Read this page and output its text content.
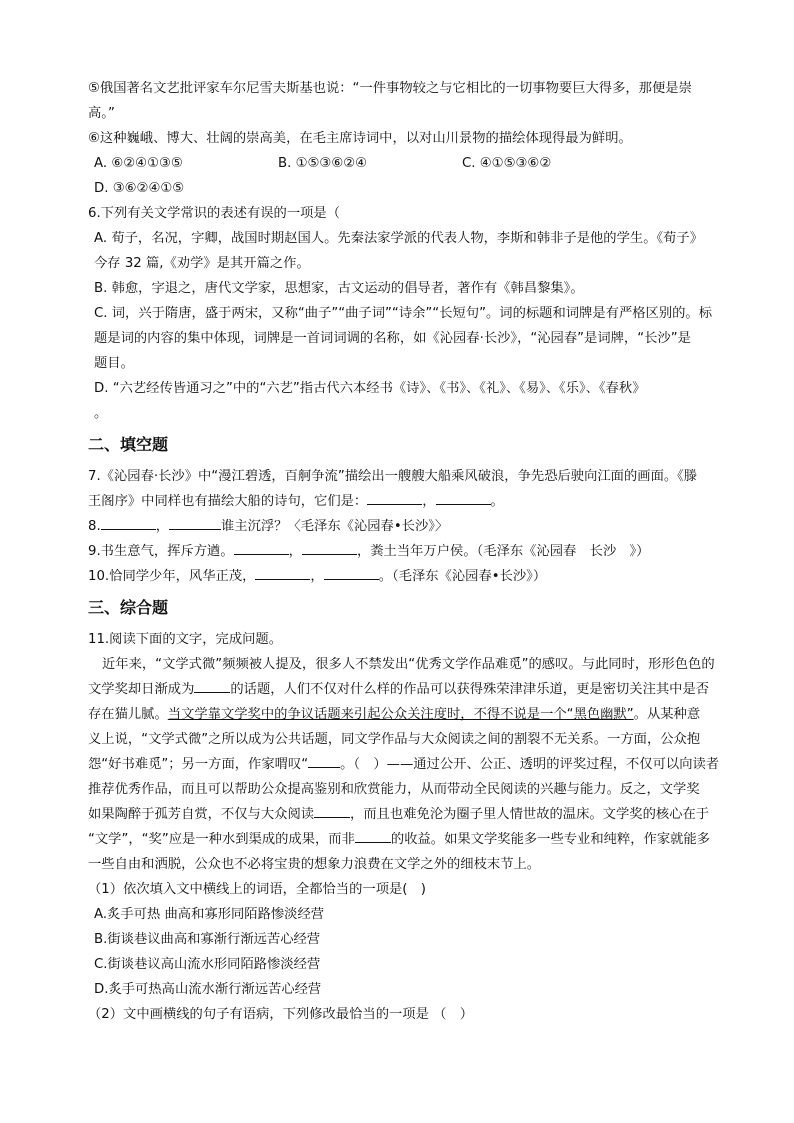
⑤俄国著名文艺批评家车尔尼雪夫斯基也说：“一件事物较之与它相比的一切事物要巨大得多，那便是崇
高。”
⑥这种巍峨、博大、壮阔的崇高美，在毛主席诗词中，以对山川景物的描绘体现得最为鲜明。
A. ⑥②④①③⑤	B. ①⑤③⑥②④	C. ④①⑤③⑥②
D. ③⑥②④①⑤
6.下列有关文学常识的表述有误的一项是（
A. 荀子，名况，字卿，战国时期赵国人。先秦法家学派的代表人物，李斯和韩非子是他的学生。《荀子》
今存 32 篇,《劝学》是其开篇之作。
B. 韩愈，字退之，唐代文学家，思想家，古文运动的倡导者，著作有《韩昌黎集》。
C. 词，兴于隋唐，盛于两宋，又称“曲子”“曲子词”“诗余”“长短句”。词的标题和词牌是有严格区别的。标
题是词的内容的集中体现，词牌是一首词词调的名称，如《沁园春·长沙》，“沁园春”是词牌，“长沙”是
题目。
D. “六艺经传皆通习之”中的“六艺”指古代六本经书《诗》、《书》、《礼》、《易》、《乐》、《春秋》
。
二、填空题
7.《沁园春·长沙》中“漫江碧透，百舸争流”描绘出一艘艘大船乘风破浪，争先恐后驶向江面的画面。《滕
王阁序》中同样也有描绘大船的诗句，它们是：	，	。
8.	，	谁主沉浮？〈毛泽东《沁园春•长沙》〉
9.书生意气，挥斥方遒。	，	，粪土当年万户侯。（毛泽东《沁园春　长沙　》）
10.恰同学少年，风华正茂，	，	。（毛泽东《沁园春•长沙》）
三、综合题
11.阅读下面的文字，完成问题。
近年来，“文学式微”频频被人提及，很多人不禁发出“优秀文学作品难觅”的感叹。与此同时，形形色色的
文学奖却日渐成为	的话题，人们不仅对什么样的作品可以获得殊荣津津乐道，更是密切关注其中是否
存在猫儿腻。当文学靠文学奖中的争议话题来引起公众关注度时，不得不说是一个“黑色幽默”。从某种意
义上说，“文学式微”之所以成为公共话题，同文学作品与大众阅读之间的割裂不无关系。一方面，公众抱
怨“好书难觅”；另一方面，作家喟叹“ 。（　）——通过公开、公正、透明的评奖过程，不仅可以向读者
推荐优秀作品，而且可以帮助公众提高鉴别和欣赏能力，从而带动全民阅读的兴趣与能力。反之，文学奖
如果陶醉于孤芳自赏，不仅与大众阅读	，而且也难免沦为圈子里人情世故的温床。文学奖的核心在于
“文学”，“奖”应是一种水到渠成的成果，而非	的收益。如果文学奖能多一些专业和纯粹，作家就能多
一些自由和洒脱，公众也不必将宝贵的想象力浪费在文学之外的细枝末节上。
（1）依次填入文中横线上的词语，全都恰当的一项是(　)
A.炙手可热 曲高和寡形同陌路惨淡经营
B.街谈巷议曲高和寡渐行渐远苦心经营
C.街谈巷议高山流水形同陌路惨淡经营
D.炙手可热高山流水渐行渐远苦心经营
（2）文中画横线的句子有语病，下列修改最恰当的一项是 （　）
